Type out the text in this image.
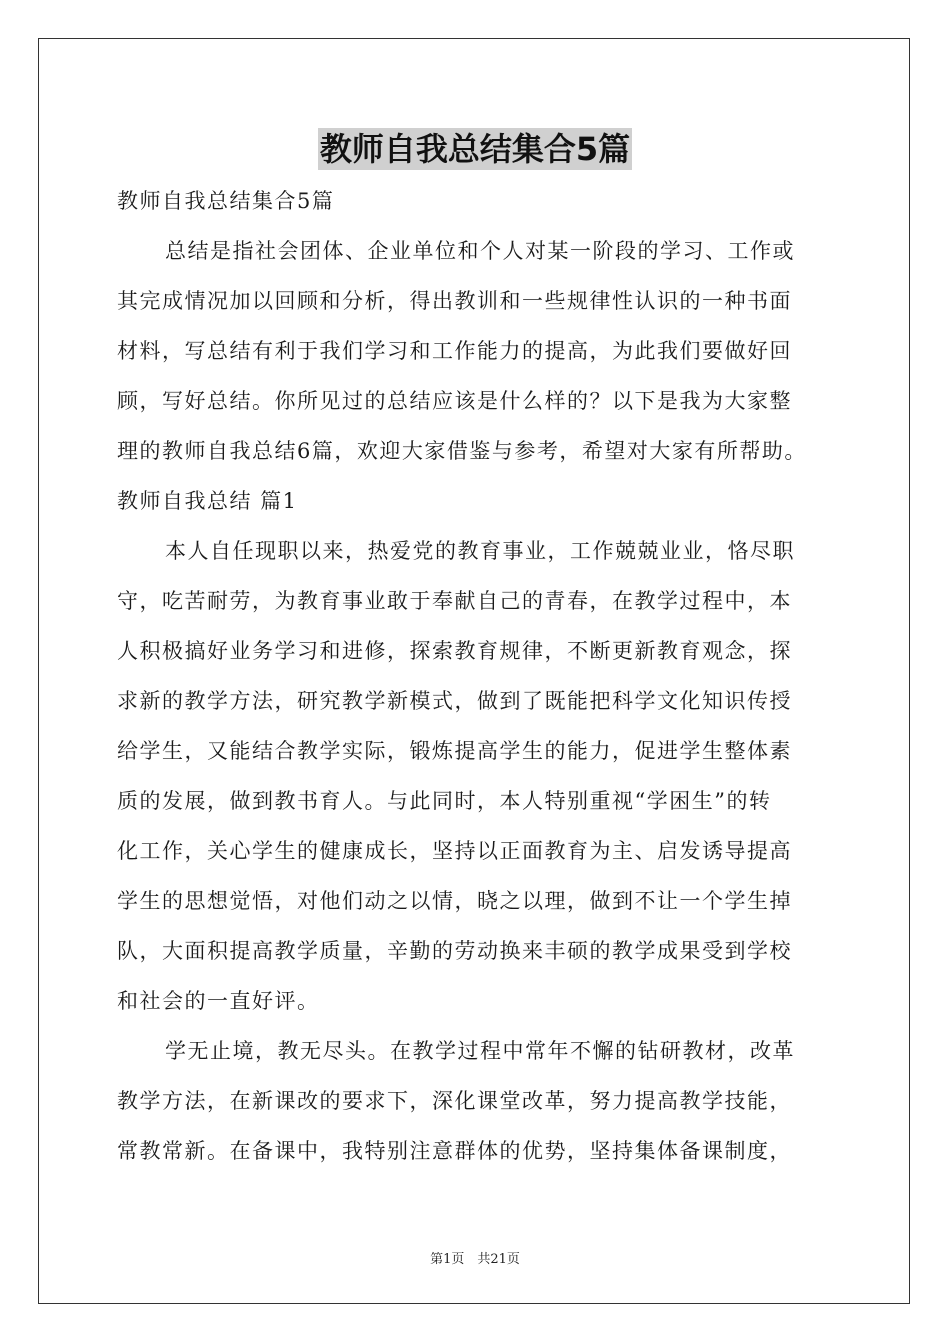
教师自我总结集合5篇
教师自我总结集合5篇
总结是指社会团体、企业单位和个人对某一阶段的学习、工作或
其完成情况加以回顾和分析，得出教训和一些规律性认识的一种书面
材料，写总结有利于我们学习和工作能力的提高，为此我们要做好回
顾，写好总结。你所见过的总结应该是什么样的？以下是我为大家整
理的教师自我总结6篇，欢迎大家借鉴与参考，希望对大家有所帮助。
教师自我总结 篇1
本人自任现职以来，热爱党的教育事业，工作兢兢业业，恪尽职
守，吃苦耐劳，为教育事业敢于奉献自己的青春，在教学过程中，本
人积极搞好业务学习和进修，探索教育规律，不断更新教育观念，探
求新的教学方法，研究教学新模式，做到了既能把科学文化知识传授
给学生，又能结合教学实际，锻炼提高学生的能力，促进学生整体素
质的发展，做到教书育人。与此同时，本人特别重视“学困生”的转
化工作，关心学生的健康成长，坚持以正面教育为主、启发诱导提高
学生的思想觉悟，对他们动之以情，晓之以理，做到不让一个学生掉
队，大面积提高教学质量，辛勤的劳动换来丰硕的教学成果受到学校
和社会的一直好评。
学无止境，教无尽头。在教学过程中常年不懈的钻研教材，改革
教学方法，在新课改的要求下，深化课堂改革，努力提高教学技能，
常教常新。在备课中，我特别注意群体的优势，坚持集体备课制度，
第1页　共21页
